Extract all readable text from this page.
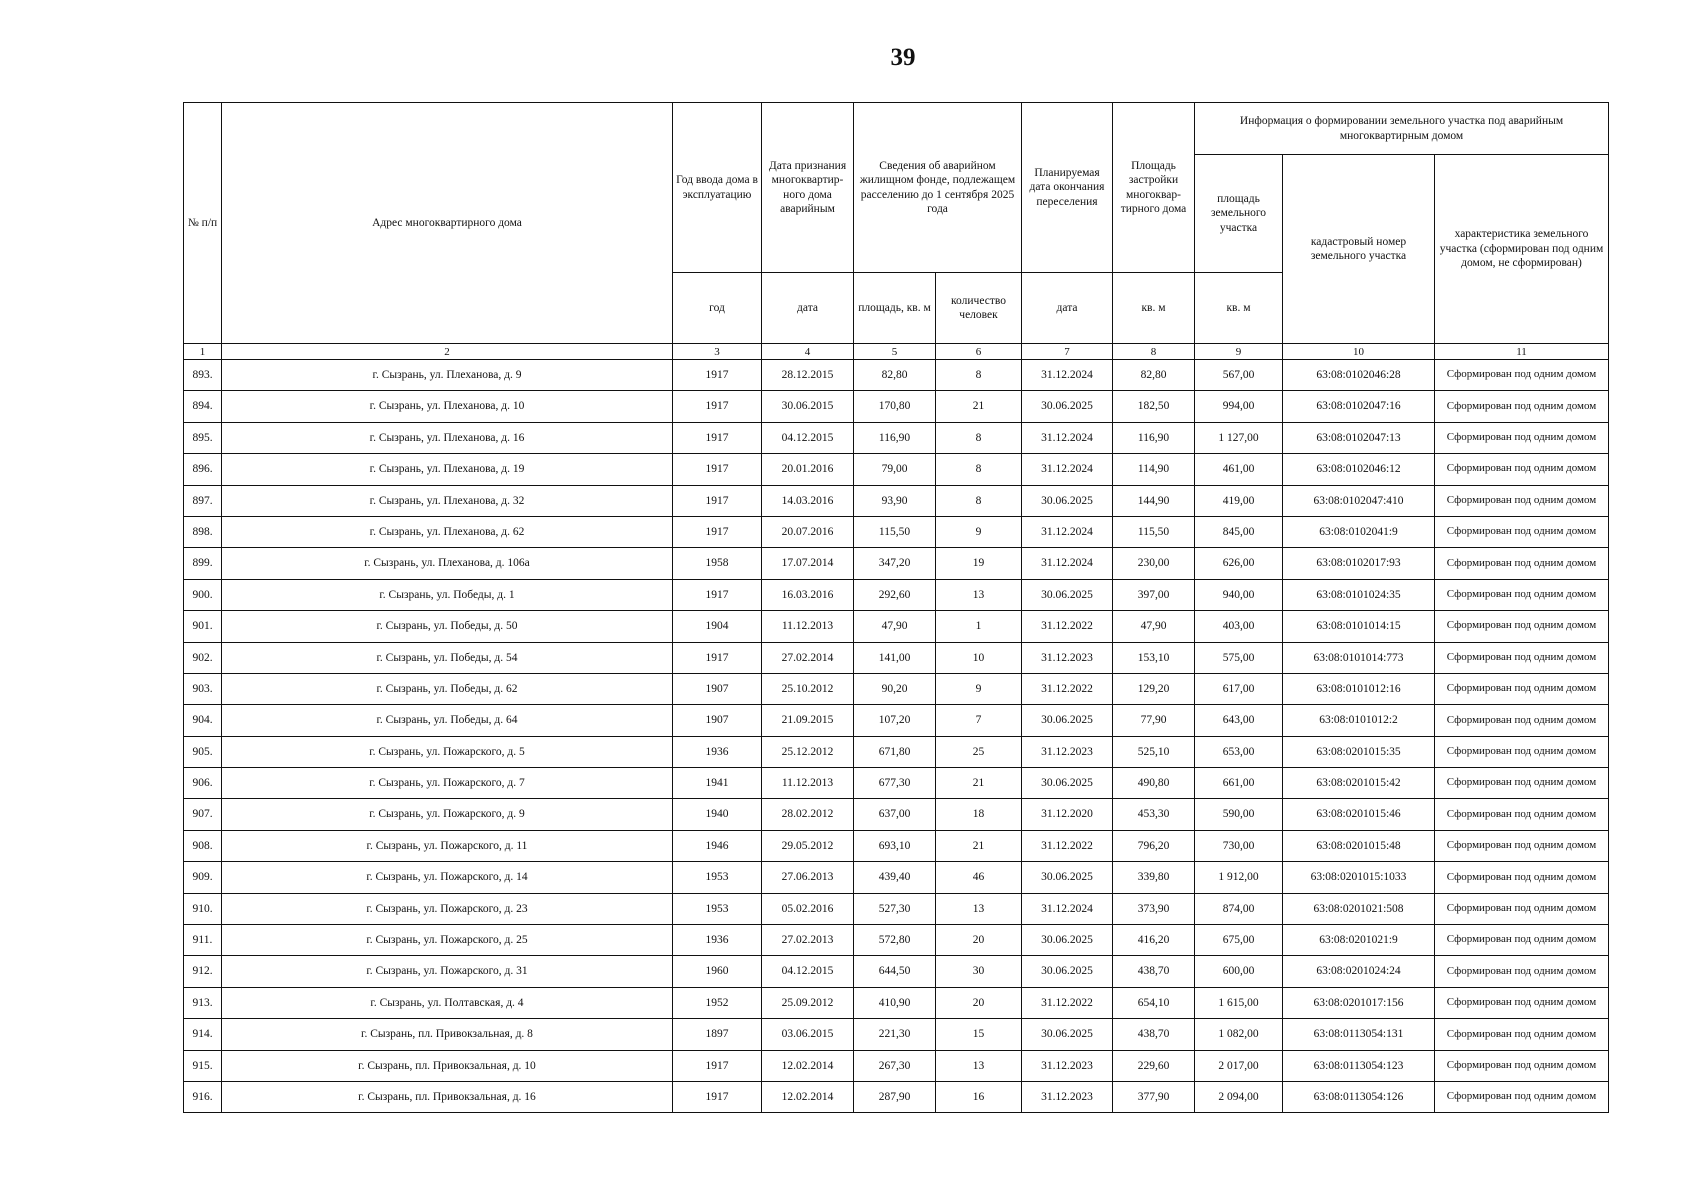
39
№ п/п	Адрес многоквартирного дома	Год ввода дома в эксплуатацию	Дата признания многоквартир-ного дома аварийным	Сведения об аварийном жилищном фонде, подлежащем расселению до 1 сентября 2025 года		Планируемая дата окончания переселения	Площадь застройки многоквар-тирного дома	Информация о формировании земельного участка под аварийным многоквартирным домом		
								площадь земельного участка	кадастровый номер земельного участка	характеристика земельного участка (сформирован под одним домом, не сформирован)
		год	дата	площадь, кв. м	количество человек	дата	кв. м	кв. м		
1	2	3	4	5	6	7	8	9	10	11
893.	г. Сызрань, ул. Плеханова, д. 9	1917	28.12.2015	82,80	8	31.12.2024	82,80	567,00	63:08:0102046:28	Сформирован под одним домом
894.	г. Сызрань, ул. Плеханова, д. 10	1917	30.06.2015	170,80	21	30.06.2025	182,50	994,00	63:08:0102047:16	Сформирован под одним домом
895.	г. Сызрань, ул. Плеханова, д. 16	1917	04.12.2015	116,90	8	31.12.2024	116,90	1 127,00	63:08:0102047:13	Сформирован под одним домом
896.	г. Сызрань, ул. Плеханова, д. 19	1917	20.01.2016	79,00	8	31.12.2024	114,90	461,00	63:08:0102046:12	Сформирован под одним домом
897.	г. Сызрань, ул. Плеханова, д. 32	1917	14.03.2016	93,90	8	30.06.2025	144,90	419,00	63:08:0102047:410	Сформирован под одним домом
898.	г. Сызрань, ул. Плеханова, д. 62	1917	20.07.2016	115,50	9	31.12.2024	115,50	845,00	63:08:0102041:9	Сформирован под одним домом
899.	г. Сызрань, ул. Плеханова, д. 106а	1958	17.07.2014	347,20	19	31.12.2024	230,00	626,00	63:08:0102017:93	Сформирован под одним домом
900.	г. Сызрань, ул. Победы, д. 1	1917	16.03.2016	292,60	13	30.06.2025	397,00	940,00	63:08:0101024:35	Сформирован под одним домом
901.	г. Сызрань, ул. Победы, д. 50	1904	11.12.2013	47,90	1	31.12.2022	47,90	403,00	63:08:0101014:15	Сформирован под одним домом
902.	г. Сызрань, ул. Победы, д. 54	1917	27.02.2014	141,00	10	31.12.2023	153,10	575,00	63:08:0101014:773	Сформирован под одним домом
903.	г. Сызрань, ул. Победы, д. 62	1907	25.10.2012	90,20	9	31.12.2022	129,20	617,00	63:08:0101012:16	Сформирован под одним домом
904.	г. Сызрань, ул. Победы, д. 64	1907	21.09.2015	107,20	7	30.06.2025	77,90	643,00	63:08:0101012:2	Сформирован под одним домом
905.	г. Сызрань, ул. Пожарского, д. 5	1936	25.12.2012	671,80	25	31.12.2023	525,10	653,00	63:08:0201015:35	Сформирован под одним домом
906.	г. Сызрань, ул. Пожарского, д. 7	1941	11.12.2013	677,30	21	30.06.2025	490,80	661,00	63:08:0201015:42	Сформирован под одним домом
907.	г. Сызрань, ул. Пожарского, д. 9	1940	28.02.2012	637,00	18	31.12.2020	453,30	590,00	63:08:0201015:46	Сформирован под одним домом
908.	г. Сызрань, ул. Пожарского, д. 11	1946	29.05.2012	693,10	21	31.12.2022	796,20	730,00	63:08:0201015:48	Сформирован под одним домом
909.	г. Сызрань, ул. Пожарского, д. 14	1953	27.06.2013	439,40	46	30.06.2025	339,80	1 912,00	63:08:0201015:1033	Сформирован под одним домом
910.	г. Сызрань, ул. Пожарского, д. 23	1953	05.02.2016	527,30	13	31.12.2024	373,90	874,00	63:08:0201021:508	Сформирован под одним домом
911.	г. Сызрань, ул. Пожарского, д. 25	1936	27.02.2013	572,80	20	30.06.2025	416,20	675,00	63:08:0201021:9	Сформирован под одним домом
912.	г. Сызрань, ул. Пожарского, д. 31	1960	04.12.2015	644,50	30	30.06.2025	438,70	600,00	63:08:0201024:24	Сформирован под одним домом
913.	г. Сызрань, ул. Полтавская, д. 4	1952	25.09.2012	410,90	20	31.12.2022	654,10	1 615,00	63:08:0201017:156	Сформирован под одним домом
914.	г. Сызрань, пл. Привокзальная, д. 8	1897	03.06.2015	221,30	15	30.06.2025	438,70	1 082,00	63:08:0113054:131	Сформирован под одним домом
915.	г. Сызрань, пл. Привокзальная, д. 10	1917	12.02.2014	267,30	13	31.12.2023	229,60	2 017,00	63:08:0113054:123	Сформирован под одним домом
916.	г. Сызрань, пл. Привокзальная, д. 16	1917	12.02.2014	287,90	16	31.12.2023	377,90	2 094,00	63:08:0113054:126	Сформирован под одним домом
